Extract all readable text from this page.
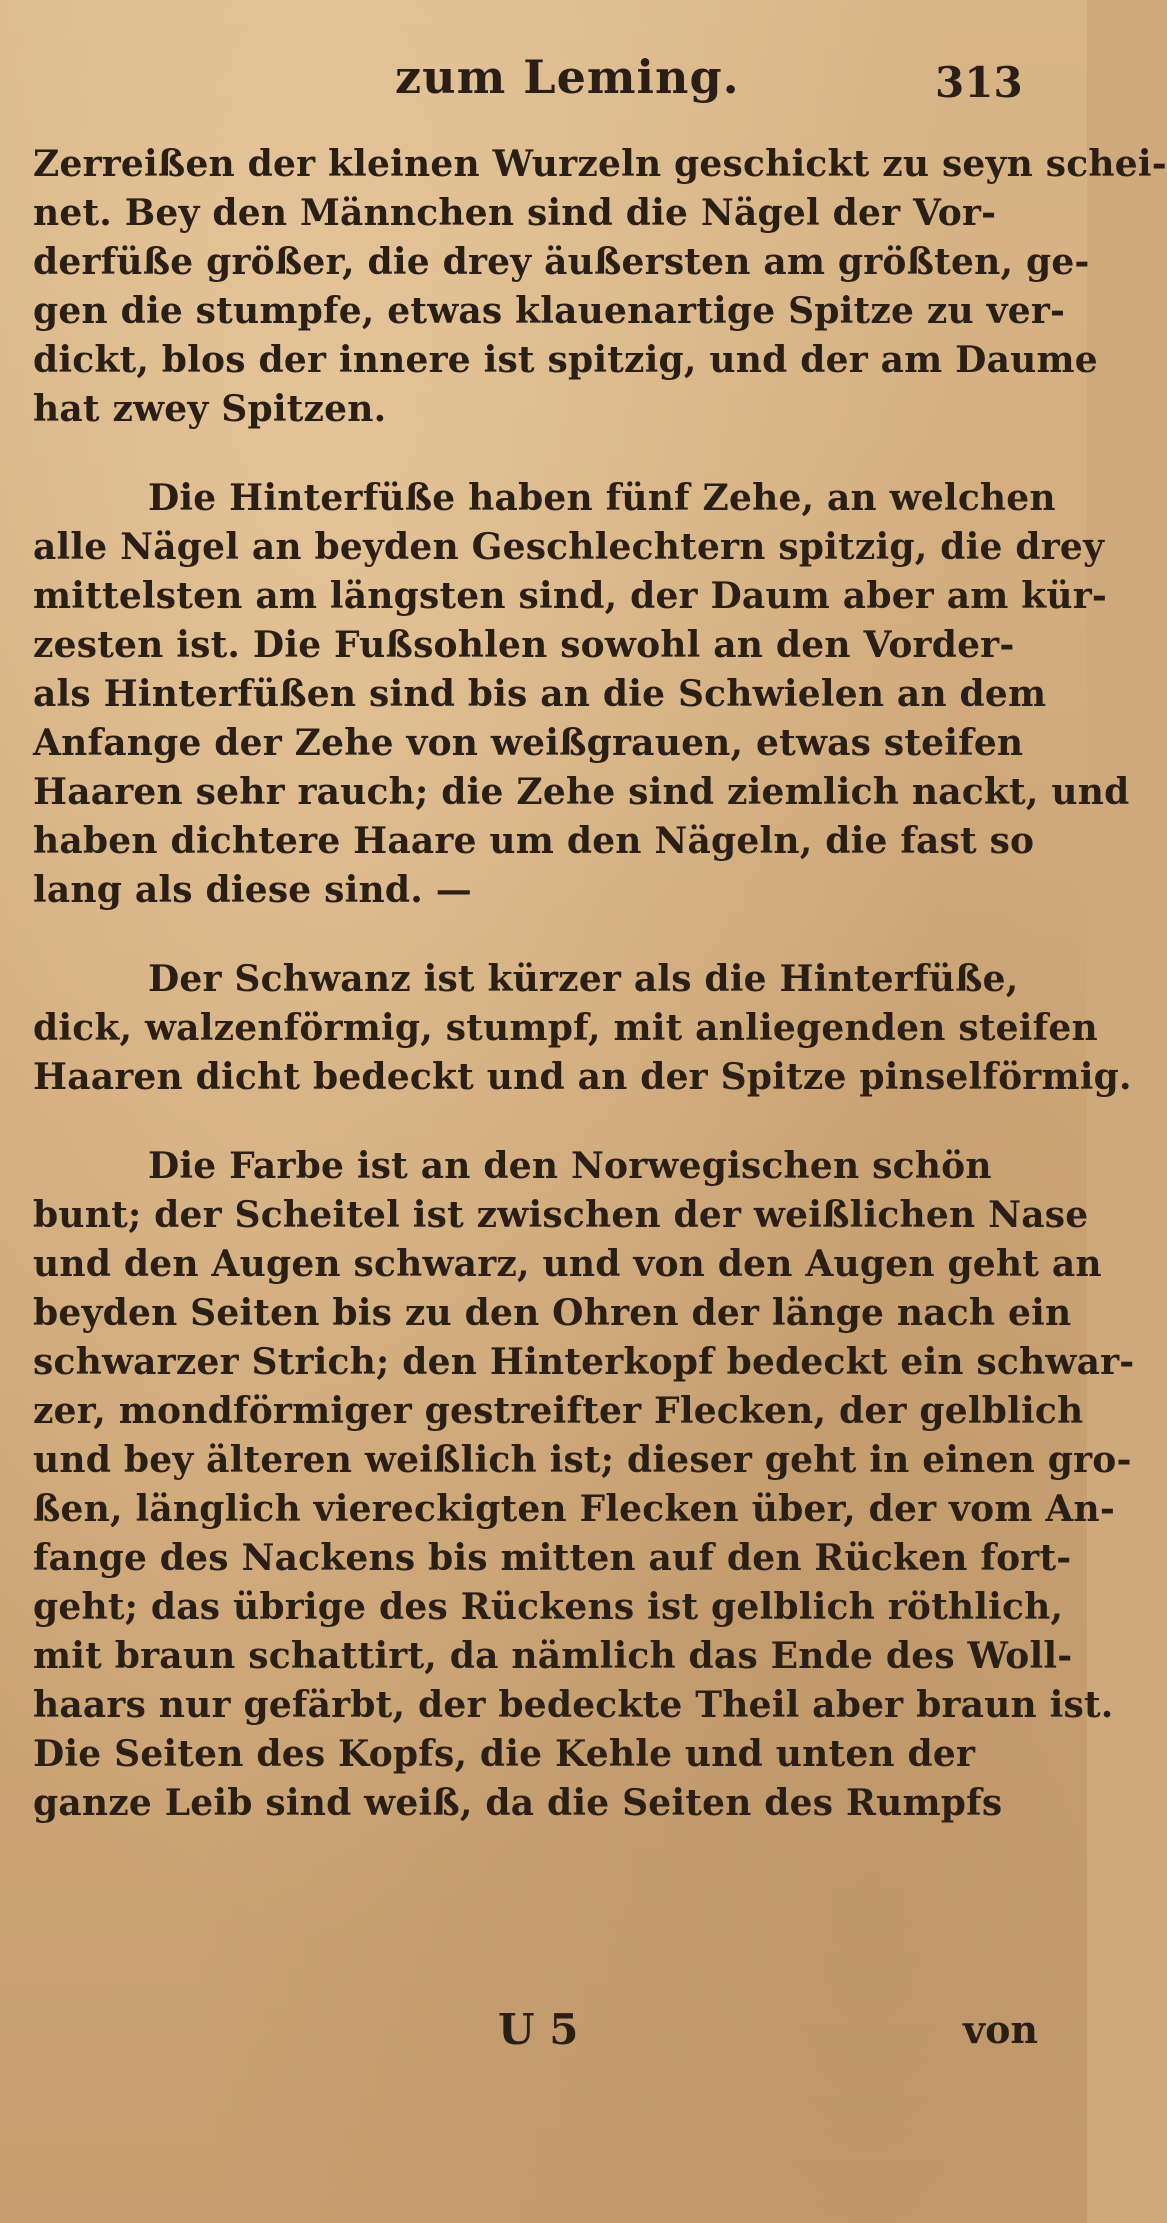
zum Leming.	313

Zerreißen der kleinen Wurzeln geschickt zu seyn schei-
net. Bey den Männchen sind die Nägel der Vor-
derfüße größer, die drey äußersten am größten, ge-
gen die stumpfe, etwas klauenartige Spitze zu ver-
dickt, blos der innere ist spitzig, und der am Daume
hat zwey Spitzen.

Die Hinterfüße haben fünf Zehe, an welchen
alle Nägel an beyden Geschlechtern spitzig, die drey
mittelsten am längsten sind, der Daum aber am kür-
zesten ist. Die Fußsohlen sowohl an den Vorder-
als Hinterfüßen sind bis an die Schwielen an dem
Anfange der Zehe von weißgrauen, etwas steifen
Haaren sehr rauch; die Zehe sind ziemlich nackt, und
haben dichtere Haare um den Nägeln, die fast so
lang als diese sind. —

Der Schwanz ist kürzer als die Hinterfüße,
dick, walzenförmig, stumpf, mit anliegenden steifen
Haaren dicht bedeckt und an der Spitze pinselförmig.

Die Farbe ist an den Norwegischen schön
bunt; der Scheitel ist zwischen der weißlichen Nase
und den Augen schwarz, und von den Augen geht an
beyden Seiten bis zu den Ohren der länge nach ein
schwarzer Strich; den Hinterkopf bedeckt ein schwar-
zer, mondförmiger gestreifter Flecken, der gelblich
und bey älteren weißlich ist; dieser geht in einen gro-
ßen, länglich viereckigten Flecken über, der vom An-
fange des Nackens bis mitten auf den Rücken fort-
geht; das übrige des Rückens ist gelblich röthlich,
mit braun schattirt, da nämlich das Ende des Woll-
haars nur gefärbt, der bedeckte Theil aber braun ist.
Die Seiten des Kopfs, die Kehle und unten der
ganze Leib sind weiß, da die Seiten des Rumpfs

U 5	von
